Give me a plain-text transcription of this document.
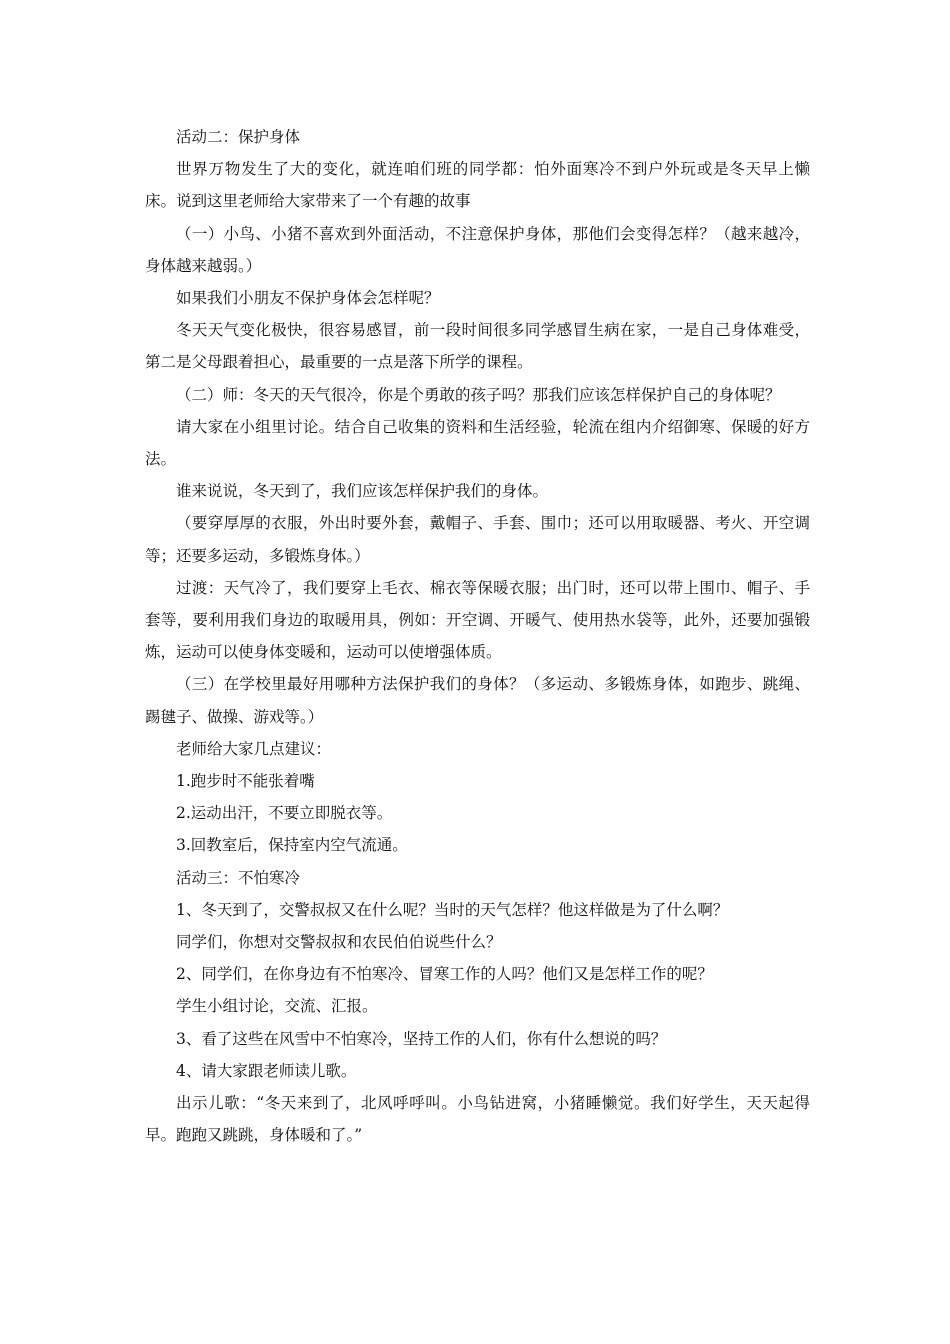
活动二：保护身体

世界万物发生了大的变化，就连咱们班的同学都：怕外面寒冷不到户外玩或是冬天早上懒床。说到这里老师给大家带来了一个有趣的故事

（一）小鸟、小猪不喜欢到外面活动，不注意保护身体，那他们会变得怎样？（越来越冷，身体越来越弱。）

如果我们小朋友不保护身体会怎样呢？

冬天天气变化极快，很容易感冒，前一段时间很多同学感冒生病在家，一是自己身体难受，第二是父母跟着担心，最重要的一点是落下所学的课程。

（二）师：冬天的天气很冷，你是个勇敢的孩子吗？那我们应该怎样保护自己的身体呢？

请大家在小组里讨论。结合自己收集的资料和生活经验，轮流在组内介绍御寒、保暖的好方法。

谁来说说，冬天到了，我们应该怎样保护我们的身体。

（要穿厚厚的衣服，外出时要外套，戴帽子、手套、围巾；还可以用取暖器、考火、开空调等；还要多运动，多锻炼身体。）

过渡：天气冷了，我们要穿上毛衣、棉衣等保暖衣服；出门时，还可以带上围巾、帽子、手套等，要利用我们身边的取暖用具，例如：开空调、开暖气、使用热水袋等，此外，还要加强锻炼，运动可以使身体变暖和，运动可以使增强体质。

（三）在学校里最好用哪种方法保护我们的身体？（多运动、多锻炼身体，如跑步、跳绳、踢毽子、做操、游戏等。）

老师给大家几点建议：

1.跑步时不能张着嘴

2.运动出汗，不要立即脱衣等。

3.回教室后，保持室内空气流通。

活动三：不怕寒冷

1、冬天到了，交警叔叔又在什么呢？当时的天气怎样？他这样做是为了什么啊？

同学们，你想对交警叔叔和农民伯伯说些什么？

2、同学们，在你身边有不怕寒冷、冒寒工作的人吗？他们又是怎样工作的呢？

学生小组讨论，交流、汇报。

3、看了这些在风雪中不怕寒冷，坚持工作的人们，你有什么想说的吗？

4、请大家跟老师读儿歌。

出示儿歌：“冬天来到了，北风呼呼叫。小鸟钻进窝，小猪睡懒觉。我们好学生，天天起得早。跑跑又跳跳，身体暖和了。”
